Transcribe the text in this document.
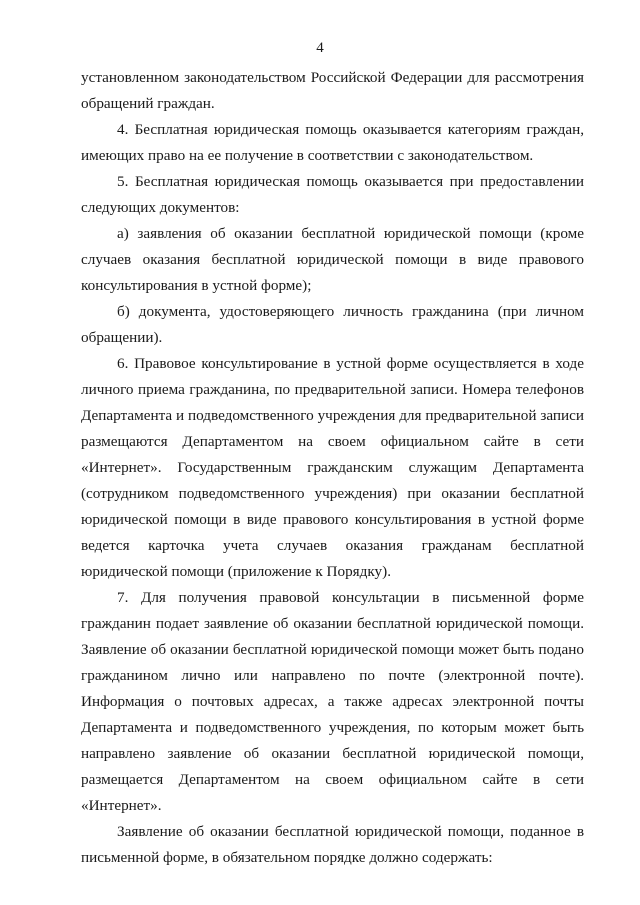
4

установленном законодательством Российской Федерации для рассмотрения обращений граждан.

4. Бесплатная юридическая помощь оказывается категориям граждан, имеющих право на ее получение в соответствии с законодательством.

5. Бесплатная юридическая помощь оказывается при предоставлении следующих документов:

а) заявления об оказании бесплатной юридической помощи (кроме случаев оказания бесплатной юридической помощи в виде правового консультирования в устной форме);

б) документа, удостоверяющего личность гражданина (при личном обращении).

6. Правовое консультирование в устной форме осуществляется в ходе личного приема гражданина, по предварительной записи. Номера телефонов Департамента и подведомственного учреждения для предварительной записи размещаются Департаментом на своем официальном сайте в сети «Интернет». Государственным гражданским служащим Департамента (сотрудником подведомственного учреждения) при оказании бесплатной юридической помощи в виде правового консультирования в устной форме ведется карточка учета случаев оказания гражданам бесплатной юридической помощи (приложение к Порядку).

7. Для получения правовой консультации в письменной форме гражданин подает заявление об оказании бесплатной юридической помощи. Заявление об оказании бесплатной юридической помощи может быть подано гражданином лично или направлено по почте (электронной почте). Информация о почтовых адресах, а также адресах электронной почты Департамента и подведомственного учреждения, по которым может быть направлено заявление об оказании бесплатной юридической помощи, размещается Департаментом на своем официальном сайте в сети «Интернет».

Заявление об оказании бесплатной юридической помощи, поданное в письменной форме, в обязательном порядке должно содержать:
